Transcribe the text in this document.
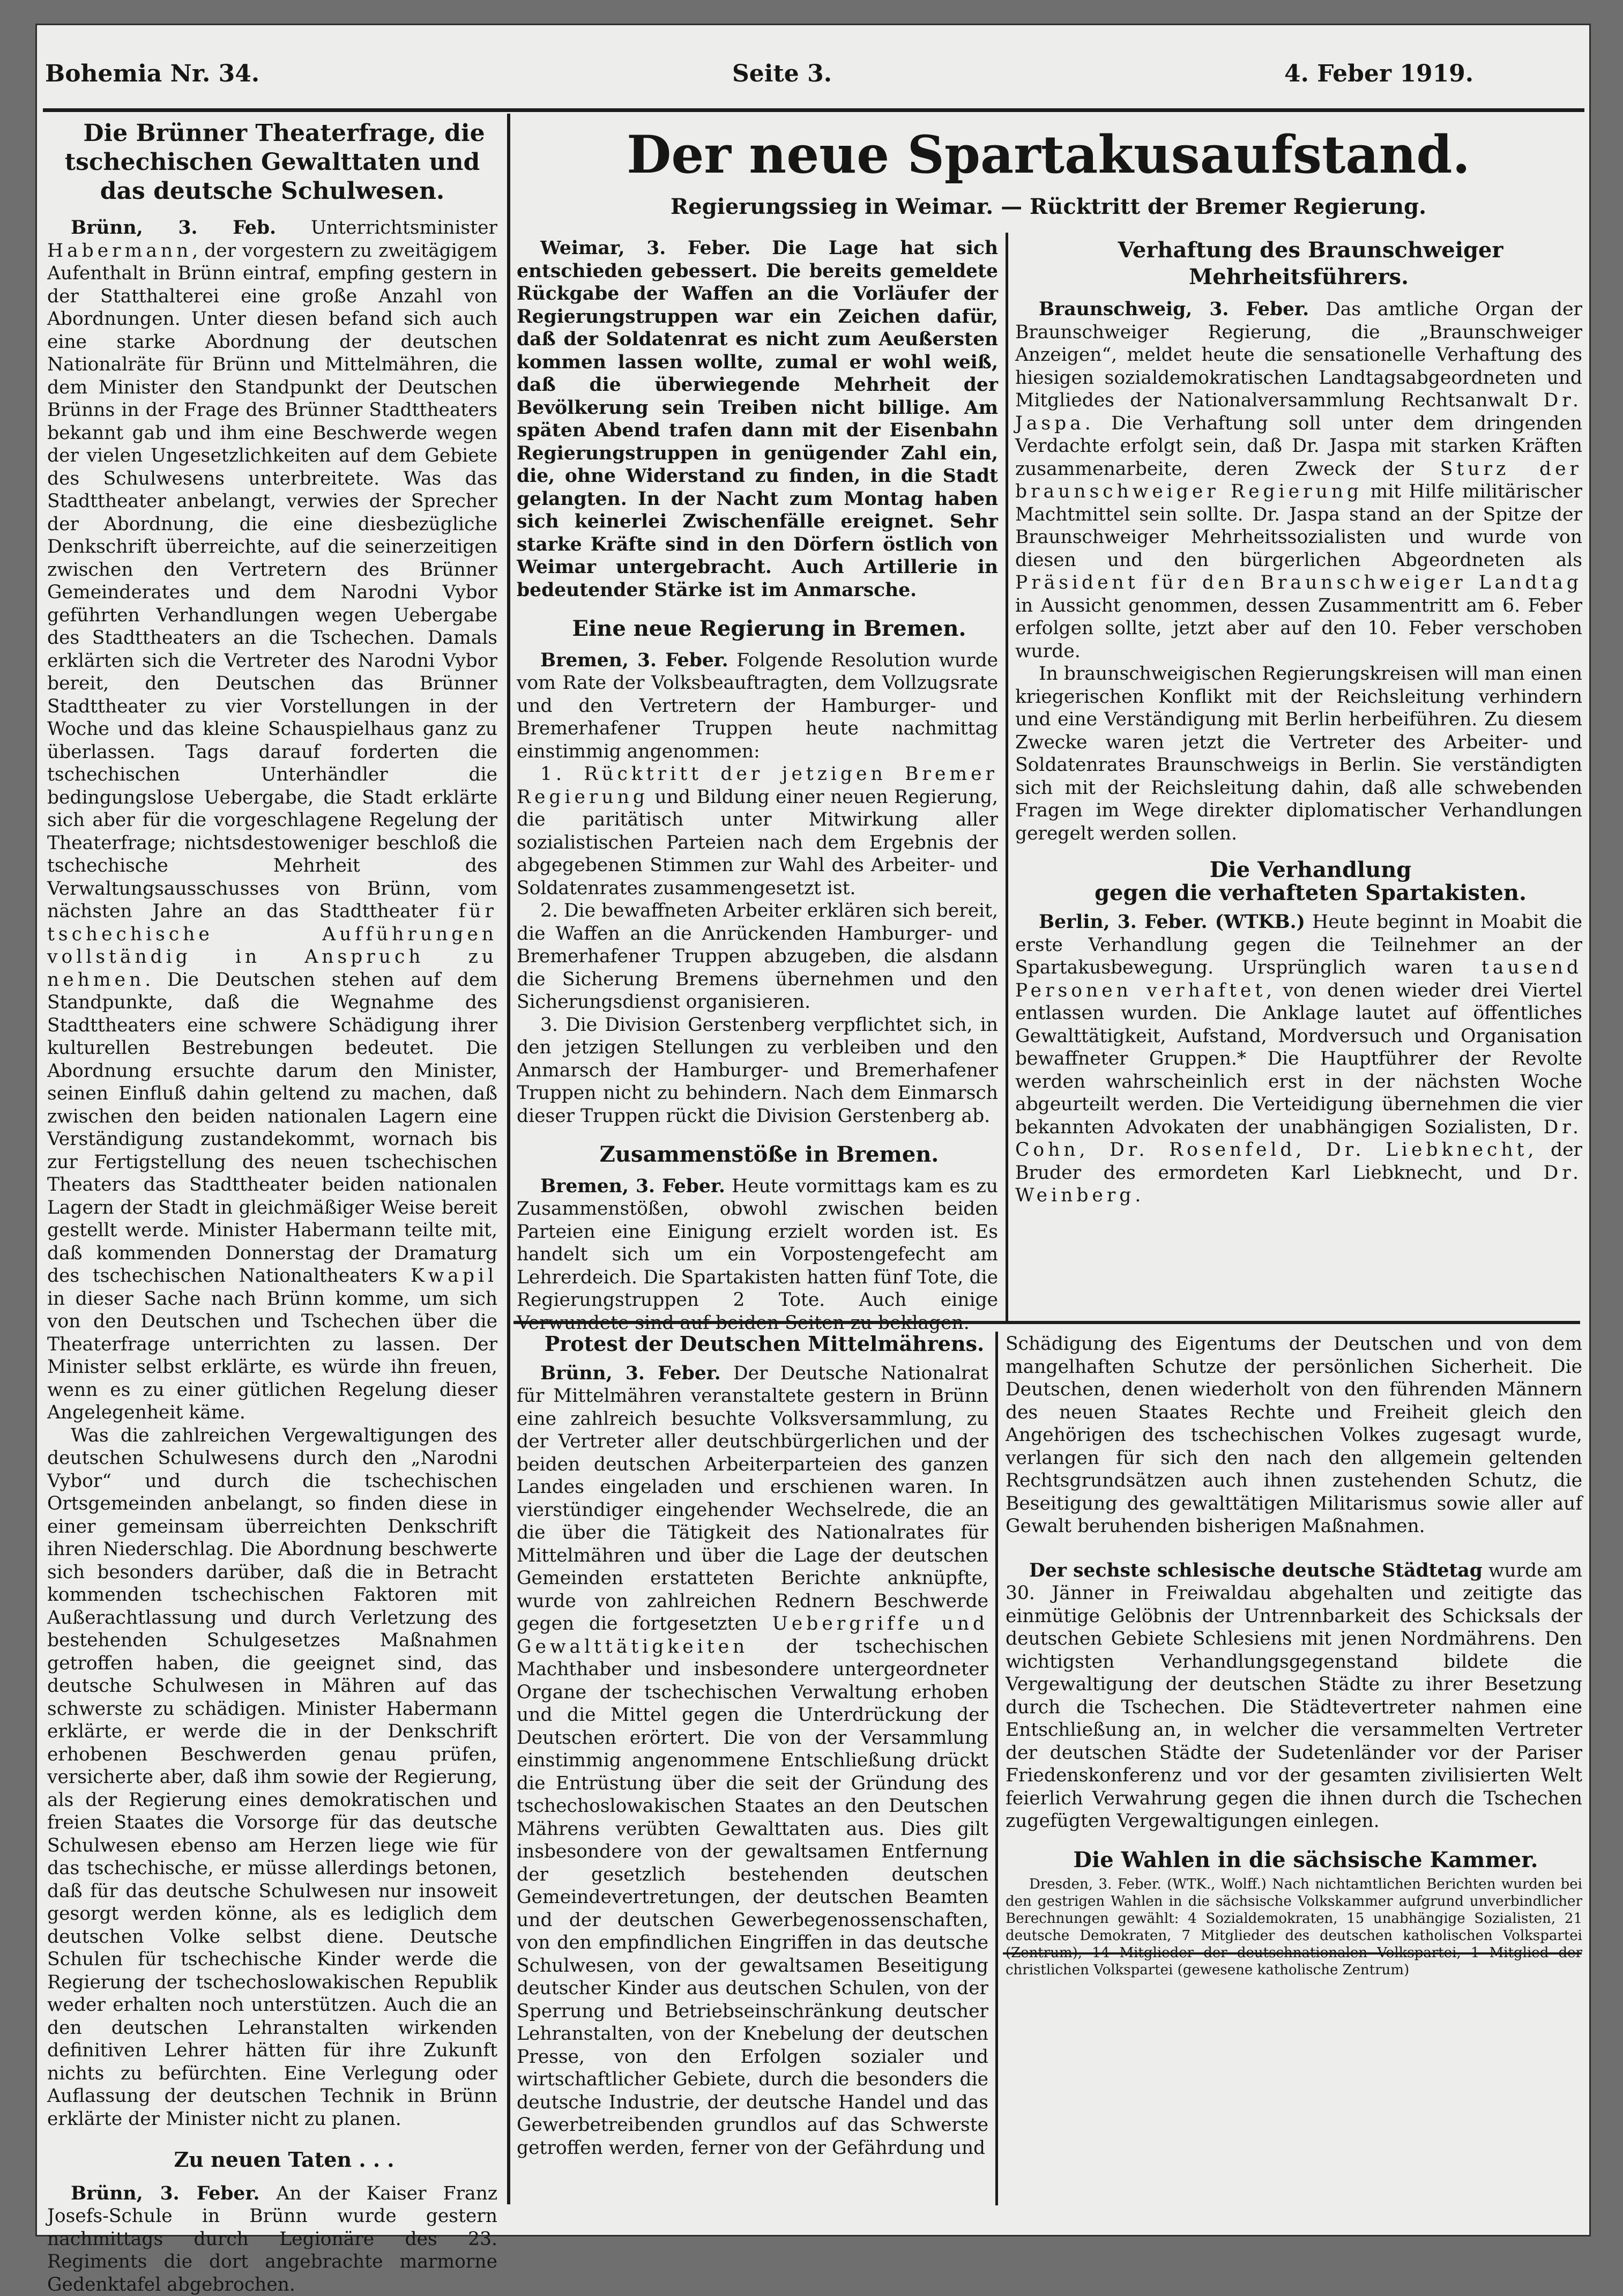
Bohemia Nr. 34.	Seite 3.	4. Feber 1919.

Die Brünner Theaterfrage, die tschechischen Gewalttaten und das deutsche Schulwesen.

Brünn, 3. Feb. Unterrichtsminister Habermann, der vorgestern zu zweitägigem Aufenthalt in Brünn eintraf, empfing gestern in der Statthalterei eine große Anzahl von Abordnungen. Unter diesen befand sich auch eine starke Abordnung der deutschen Nationalräte für Brünn und Mittelmähren, die dem Minister den Standpunkt der Deutschen Brünns in der Frage des Brünner Stadttheaters bekannt gab und ihm eine Beschwerde wegen der vielen Ungesetzlichkeiten auf dem Gebiete des Schulwesens unterbreitete. Was das Stadttheater anbelangt, verwies der Sprecher der Abordnung, die eine diesbezügliche Denkschrift überreichte, auf die seinerzeitigen zwischen den Vertretern des Brünner Gemeinderates und dem Narodni Vybor geführten Verhandlungen wegen Uebergabe des Stadttheaters an die Tschechen. Damals erklärten sich die Vertreter des Narodni Vybor bereit, den Deutschen das Brünner Stadttheater zu vier Vorstellungen in der Woche und das kleine Schauspielhaus ganz zu überlassen. Tags darauf forderten die tschechischen Unterhändler die bedingungslose Uebergabe, die Stadt erklärte sich aber für die vorgeschlagene Regelung der Theaterfrage; nichtsdestoweniger beschloß die tschechische Mehrheit des Verwaltungsausschusses von Brünn, vom nächsten Jahre an das Stadttheater für tschechische Aufführungen vollständig in Anspruch zu nehmen. Die Deutschen stehen auf dem Standpunkte, daß die Wegnahme des Stadttheaters eine schwere Schädigung ihrer kulturellen Bestrebungen bedeutet. Die Abordnung ersuchte darum den Minister, seinen Einfluß dahin geltend zu machen, daß zwischen den beiden nationalen Lagern eine Verständigung zustandekommt, wornach bis zur Fertigstellung des neuen tschechischen Theaters das Stadttheater beiden nationalen Lagern der Stadt in gleichmäßiger Weise bereit gestellt werde. Minister Habermann teilte mit, daß kommenden Donnerstag der Dramaturg des tschechischen Nationaltheaters Kwapil in dieser Sache nach Brünn komme, um sich von den Deutschen und Tschechen über die Theaterfrage unterrichten zu lassen. Der Minister selbst erklärte, es würde ihn freuen, wenn es zu einer gütlichen Regelung dieser Angelegenheit käme.

Was die zahlreichen Vergewaltigungen des deutschen Schulwesens durch den „Narodni Vybor“ und durch die tschechischen Ortsgemeinden anbelangt, so finden diese in einer gemeinsam überreichten Denkschrift ihren Niederschlag. Die Abordnung beschwerte sich besonders darüber, daß die in Betracht kommenden tschechischen Faktoren mit Außerachtlassung und durch Verletzung des bestehenden Schulgesetzes Maßnahmen getroffen haben, die geeignet sind, das deutsche Schulwesen in Mähren auf das schwerste zu schädigen. Minister Habermann erklärte, er werde die in der Denkschrift erhobenen Beschwerden genau prüfen, versicherte aber, daß ihm sowie der Regierung, als der Regierung eines demokratischen und freien Staates die Vorsorge für das deutsche Schulwesen ebenso am Herzen liege wie für das tschechische, er müsse allerdings betonen, daß für das deutsche Schulwesen nur insoweit gesorgt werden könne, als es lediglich dem deutschen Volke selbst diene. Deutsche Schulen für tschechische Kinder werde die Regierung der tschechoslowakischen Republik weder erhalten noch unterstützen. Auch die an den deutschen Lehranstalten wirkenden definitiven Lehrer hätten für ihre Zukunft nichts zu befürchten. Eine Verlegung oder Auflassung der deutschen Technik in Brünn erklärte der Minister nicht zu planen.

Zu neuen Taten . . .

Brünn, 3. Feber. An der Kaiser Franz Josefs-Schule in Brünn wurde gestern nachmittags durch Legionäre des 23. Regiments die dort angebrachte marmorne Gedenktafel abgebrochen.

Der neue Spartakusaufstand.
Regierungssieg in Weimar. — Rücktritt der Bremer Regierung.

Weimar, 3. Feber. Die Lage hat sich entschieden gebessert. Die bereits gemeldete Rückgabe der Waffen an die Vorläufer der Regierungstruppen war ein Zeichen dafür, daß der Soldatenrat es nicht zum Aeußersten kommen lassen wollte, zumal er wohl weiß, daß die überwiegende Mehrheit der Bevölkerung sein Treiben nicht billige. Am späten Abend trafen dann mit der Eisenbahn Regierungstruppen in genügender Zahl ein, die, ohne Widerstand zu finden, in die Stadt gelangten. In der Nacht zum Montag haben sich keinerlei Zwischenfälle ereignet. Sehr starke Kräfte sind in den Dörfern östlich von Weimar untergebracht. Auch Artillerie in bedeutender Stärke ist im Anmarsche.

Eine neue Regierung in Bremen.

Bremen, 3. Feber. Folgende Resolution wurde vom Rate der Volksbeauftragten, dem Vollzugsrate und den Vertretern der Hamburger- und Bremerhafener Truppen heute nachmittag einstimmig angenommen:

1. Rücktritt der jetzigen Bremer Regierung und Bildung einer neuen Regierung, die paritätisch unter Mitwirkung aller sozialistischen Parteien nach dem Ergebnis der abgegebenen Stimmen zur Wahl des Arbeiter- und Soldatenrates zusammengesetzt ist.

2. Die bewaffneten Arbeiter erklären sich bereit, die Waffen an die Anrückenden Hamburger- und Bremerhafener Truppen abzugeben, die alsdann die Sicherung Bremens übernehmen und den Sicherungsdienst organisieren.

3. Die Division Gerstenberg verpflichtet sich, in den jetzigen Stellungen zu verbleiben und den Anmarsch der Hamburger- und Bremerhafener Truppen nicht zu behindern. Nach dem Einmarsch dieser Truppen rückt die Division Gerstenberg ab.

Zusammenstöße in Bremen.

Bremen, 3. Feber. Heute vormittags kam es zu Zusammenstößen, obwohl zwischen beiden Parteien eine Einigung erzielt worden ist. Es handelt sich um ein Vorpostengefecht am Lehrerdeich. Die Spartakisten hatten fünf Tote, die Regierungstruppen 2 Tote. Auch einige Verwundete sind auf beiden Seiten zu beklagen.

Verhaftung des Braunschweiger Mehrheitsführers.

Braunschweig, 3. Feber. Das amtliche Organ der Braunschweiger Regierung, die „Braunschweiger Anzeigen“, meldet heute die sensationelle Verhaftung des hiesigen sozialdemokratischen Landtagsabgeordneten und Mitgliedes der Nationalversammlung Rechtsanwalt Dr. Jaspa. Die Verhaftung soll unter dem dringenden Verdachte erfolgt sein, daß Dr. Jaspa mit starken Kräften zusammenarbeite, deren Zweck der Sturz der braunschweiger Regierung mit Hilfe militärischer Machtmittel sein sollte. Dr. Jaspa stand an der Spitze der Braunschweiger Mehrheitssozialisten und wurde von diesen und den bürgerlichen Abgeordneten als Präsident für den Braunschweiger Landtag in Aussicht genommen, dessen Zusammentritt am 6. Feber erfolgen sollte, jetzt aber auf den 10. Feber verschoben wurde.

In braunschweigischen Regierungskreisen will man einen kriegerischen Konflikt mit der Reichsleitung verhindern und eine Verständigung mit Berlin herbeiführen. Zu diesem Zwecke waren jetzt die Vertreter des Arbeiter- und Soldatenrates Braunschweigs in Berlin. Sie verständigten sich mit der Reichsleitung dahin, daß alle schwebenden Fragen im Wege direkter diplomatischer Verhandlungen geregelt werden sollen.

Die Verhandlung

gegen die verhafteten Spartakisten.

Berlin, 3. Feber. (WTKB.) Heute beginnt in Moabit die erste Verhandlung gegen die Teilnehmer an der Spartakusbewegung. Ursprünglich waren tausend Personen verhaftet, von denen wieder drei Viertel entlassen wurden. Die Anklage lautet auf öffentliches Gewalttätigkeit, Aufstand, Mordversuch und Organisation bewaffneter Gruppen.* Die Hauptführer der Revolte werden wahrscheinlich erst in der nächsten Woche abgeurteilt werden. Die Verteidigung übernehmen die vier bekannten Advokaten der unabhängigen Sozialisten, Dr. Cohn, Dr. Rosenfeld, Dr. Liebknecht, der Bruder des ermordeten Karl Liebknecht, und Dr. Weinberg.

Protest der Deutschen Mittelmährens.

Brünn, 3. Feber. Der Deutsche Nationalrat für Mittelmähren veranstaltete gestern in Brünn eine zahlreich besuchte Volksversammlung, zu der Vertreter aller deutschbürgerlichen und der beiden deutschen Arbeiterparteien des ganzen Landes eingeladen und erschienen waren. In vierstündiger eingehender Wechselrede, die an die über die Tätigkeit des Nationalrates für Mittelmähren und über die Lage der deutschen Gemeinden erstatteten Berichte anknüpfte, wurde von zahlreichen Rednern Beschwerde gegen die fortgesetzten Uebergriffe und Gewalttätigkeiten der tschechischen Machthaber und insbesondere untergeordneter Organe der tschechischen Verwaltung erhoben und die Mittel gegen die Unterdrückung der Deutschen erörtert. Die von der Versammlung einstimmig angenommene Entschließung drückt die Entrüstung über die seit der Gründung des tschechoslowakischen Staates an den Deutschen Mährens verübten Gewalttaten aus. Dies gilt insbesondere von der gewaltsamen Entfernung der gesetzlich bestehenden deutschen Gemeindevertretungen, der deutschen Beamten und der deutschen Gewerbegenossenschaften, von den empfindlichen Eingriffen in das deutsche Schulwesen, von der gewaltsamen Beseitigung deutscher Kinder aus deutschen Schulen, von der Sperrung und Betriebseinschränkung deutscher Lehranstalten, von der Knebelung der deutschen Presse, von den Erfolgen sozialer und wirtschaftlicher Gebiete, durch die besonders die deutsche Industrie, der deutsche Handel und das Gewerbetreibenden grundlos auf das Schwerste getroffen werden, ferner von der Gefährdung und

Schädigung des Eigentums der Deutschen und von dem mangelhaften Schutze der persönlichen Sicherheit. Die Deutschen, denen wiederholt von den führenden Männern des neuen Staates Rechte und Freiheit gleich den Angehörigen des tschechischen Volkes zugesagt wurde, verlangen für sich den nach den allgemein geltenden Rechtsgrundsätzen auch ihnen zustehenden Schutz, die Beseitigung des gewalttätigen Militarismus sowie aller auf Gewalt beruhenden bisherigen Maßnahmen.

Der sechste schlesische deutsche Städtetag wurde am 30. Jänner in Freiwaldau abgehalten und zeitigte das einmütige Gelöbnis der Untrennbarkeit des Schicksals der deutschen Gebiete Schlesiens mit jenen Nordmährens. Den wichtigsten Verhandlungsgegenstand bildete die Vergewaltigung der deutschen Städte zu ihrer Besetzung durch die Tschechen. Die Städtevertreter nahmen eine Entschließung an, in welcher die versammelten Vertreter der deutschen Städte der Sudetenländer vor der Pariser Friedenskonferenz und vor der gesamten zivilisierten Welt feierlich Verwahrung gegen die ihnen durch die Tschechen zugefügten Vergewaltigungen einlegen.

Die Wahlen in die sächsische Kammer.

Dresden, 3. Feber. (WTK., Wolff.) Nach nichtamtlichen Berichten wurden bei den gestrigen Wahlen in die sächsische Volkskammer aufgrund unverbindlicher Berechnungen gewählt: 4 Sozialdemokraten, 15 unabhängige Sozialisten, 21 deutsche Demokraten, 7 Mitglieder des deutschen katholischen Volkspartei (Zentrum), 14 Mitglieder der deutschnationalen Volkspartei, 1 Mitglied der christlichen Volkspartei (gewesene katholische Zentrum)
